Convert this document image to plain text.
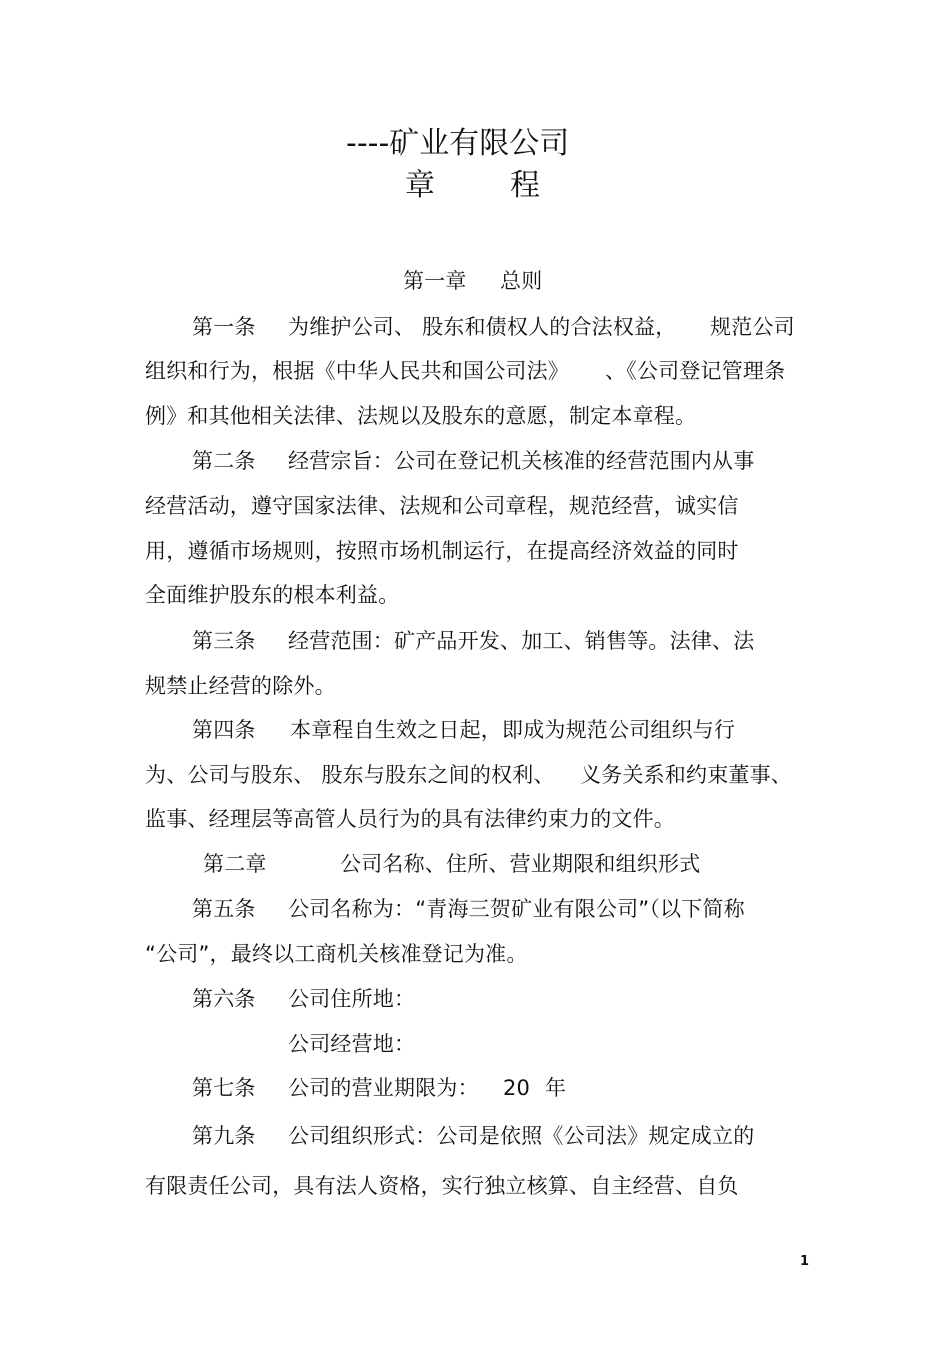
----矿业有限公司
章	程
第一章 总则
第一条 为维护公司、 股东和债权人的合法权益， 规范公司
组织和行为，根据《中华人民共和国公司法》 、《公司登记管理条
例》和其他相关法律、法规以及股东的意愿，制定本章程。
第二条 经营宗旨：公司在登记机关核准的经营范围内从事
经营活动，遵守国家法律、法规和公司章程，规范经营，诚实信
用，遵循市场规则，按照市场机制运行，在提高经济效益的同时
全面维护股东的根本利益。
第三条 经营范围：矿产品开发、加工、销售等。法律、法
规禁止经营的除外。
第四条 本章程自生效之日起，即成为规范公司组织与行
为、公司与股东、 股东与股东之间的权利、 义务关系和约束董事、
监事、经理层等高管人员行为的具有法律约束力的文件。
第二章	公司名称、住所、营业期限和组织形式
第五条 公司名称为：“青海三贺矿业有限公司”（以下简称
“公司”，最终以工商机关核准登记为准。
第六条 公司住所地：
公司经营地：
第七条 公司的营业期限为： 20 年
第九条 公司组织形式：公司是依照《公司法》规定成立的
有限责任公司，具有法人资格，实行独立核算、自主经营、自负
1
